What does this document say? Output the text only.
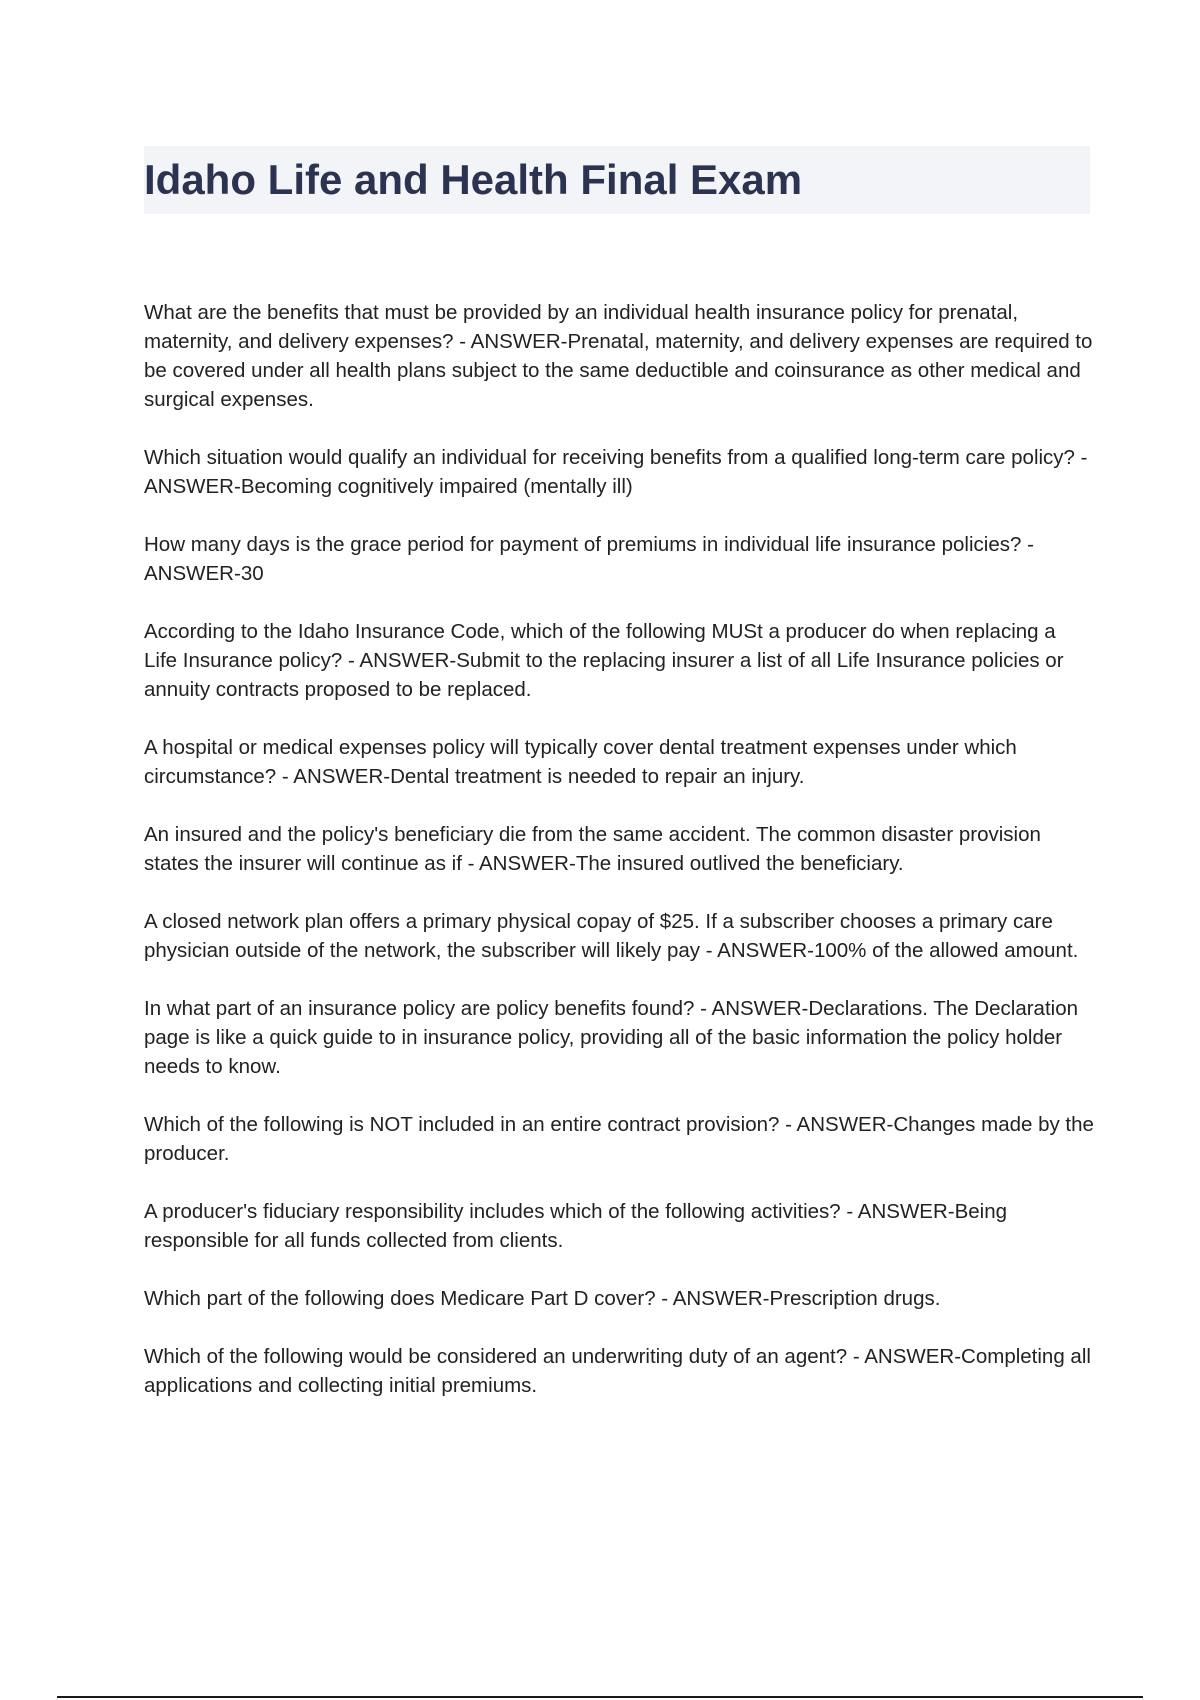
Idaho Life and Health Final Exam

What are the benefits that must be provided by an individual health insurance policy for prenatal, maternity, and delivery expenses? - ANSWER-Prenatal, maternity, and delivery expenses are required to be covered under all health plans subject to the same deductible and coinsurance as other medical and surgical expenses.

Which situation would qualify an individual for receiving benefits from a qualified long-term care policy? - ANSWER-Becoming cognitively impaired (mentally ill)

How many days is the grace period for payment of premiums in individual life insurance policies? - ANSWER-30

According to the Idaho Insurance Code, which of the following MUSt a producer do when replacing a Life Insurance policy? - ANSWER-Submit to the replacing insurer a list of all Life Insurance policies or annuity contracts proposed to be replaced.

A hospital or medical expenses policy will typically cover dental treatment expenses under which circumstance? - ANSWER-Dental treatment is needed to repair an injury.

An insured and the policy's beneficiary die from the same accident. The common disaster provision states the insurer will continue as if - ANSWER-The insured outlived the beneficiary.

A closed network plan offers a primary physical copay of $25. If a subscriber chooses a primary care physician outside of the network, the subscriber will likely pay - ANSWER-100% of the allowed amount.

In what part of an insurance policy are policy benefits found? - ANSWER-Declarations. The Declaration page is like a quick guide to in insurance policy, providing all of the basic information the policy holder needs to know.

Which of the following is NOT included in an entire contract provision? - ANSWER-Changes made by the producer.

A producer's fiduciary responsibility includes which of the following activities? - ANSWER-Being responsible for all funds collected from clients.

Which part of the following does Medicare Part D cover? - ANSWER-Prescription drugs.

Which of the following would be considered an underwriting duty of an agent? - ANSWER-Completing all applications and collecting initial premiums.
